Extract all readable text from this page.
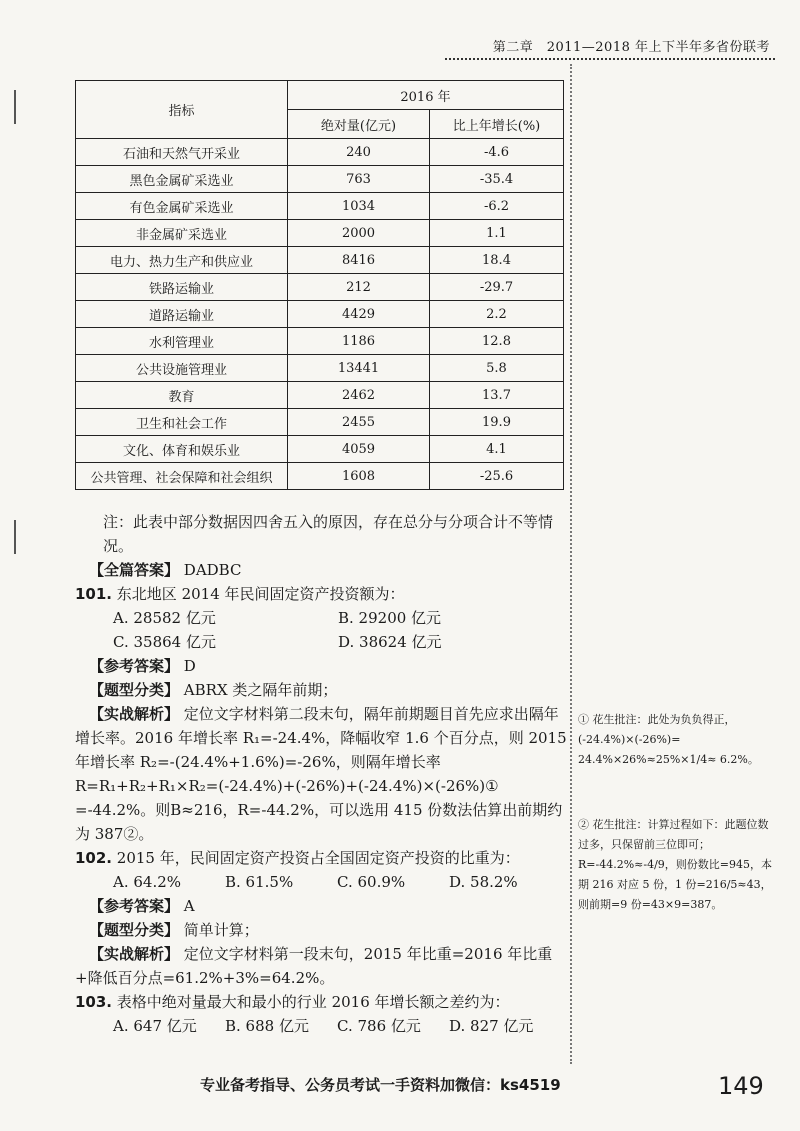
第二章　2011—2018 年上下半年多省份联考
指标	2016 年	
	绝对量(亿元)	比上年增长(%)
石油和天然气开采业	240	-4.6
黑色金属矿采选业	763	-35.4
有色金属矿采选业	1034	-6.2
非金属矿采选业	2000	1.1
电力、热力生产和供应业	8416	18.4
铁路运输业	212	-29.7
道路运输业	4429	2.2
水利管理业	1186	12.8
公共设施管理业	13441	5.8
教育	2462	13.7
卫生和社会工作	2455	19.9
文化、体育和娱乐业	4059	4.1
公共管理、社会保障和社会组织	1608	-25.6

注：此表中部分数据因四舍五入的原因，存在总分与分项合计不等情况。

【全篇答案】 DADBC

101. 东北地区 2014 年民间固定资产投资额为：

A. 28582 亿元	B. 29200 亿元
C. 35864 亿元	D. 38624 亿元

【参考答案】 D

【题型分类】 ABRX 类之隔年前期；

【实战解析】 定位文字材料第二段末句，隔年前期题目首先应求出隔年增长率。2016 年增长率 R₁=-24.4%，降幅收窄 1.6 个百分点，则 2015 年增长率 R₂=-(24.4%+1.6%)=-26%，则隔年增长率 R=R₁+R₂+R₁×R₂=(-24.4%)+(-26%)+(-24.4%)×(-26%)① =-44.2%。则B≈216，R=-44.2%，可以选用 415 份数法估算出前期约为 387②。

102. 2015 年，民间固定资产投资占全国固定资产投资的比重为：

A. 64.2%	B. 61.5%	C. 60.9%	D. 58.2%

【参考答案】 A

【题型分类】 简单计算；

【实战解析】 定位文字材料第一段末句，2015 年比重=2016 年比重+降低百分点=61.2%+3%=64.2%。

103. 表格中绝对量最大和最小的行业 2016 年增长额之差约为：

A. 647 亿元	B. 688 亿元	C. 786 亿元	D. 827 亿元
① 花生批注：此处为负负得正，(-24.4%)×(-26%)= 24.4%×26%≈25%×1/4≈ 6.2%。
② 花生批注：计算过程如下：此题位数过多，只保留前三位即可；R=-44.2%≈-4/9，则份数比=945，本期 216 对应 5 份，1 份=216/5≈43，则前期=9 份=43×9=387。
专业备考指导、公务员考试一手资料加微信：ks4519	149
